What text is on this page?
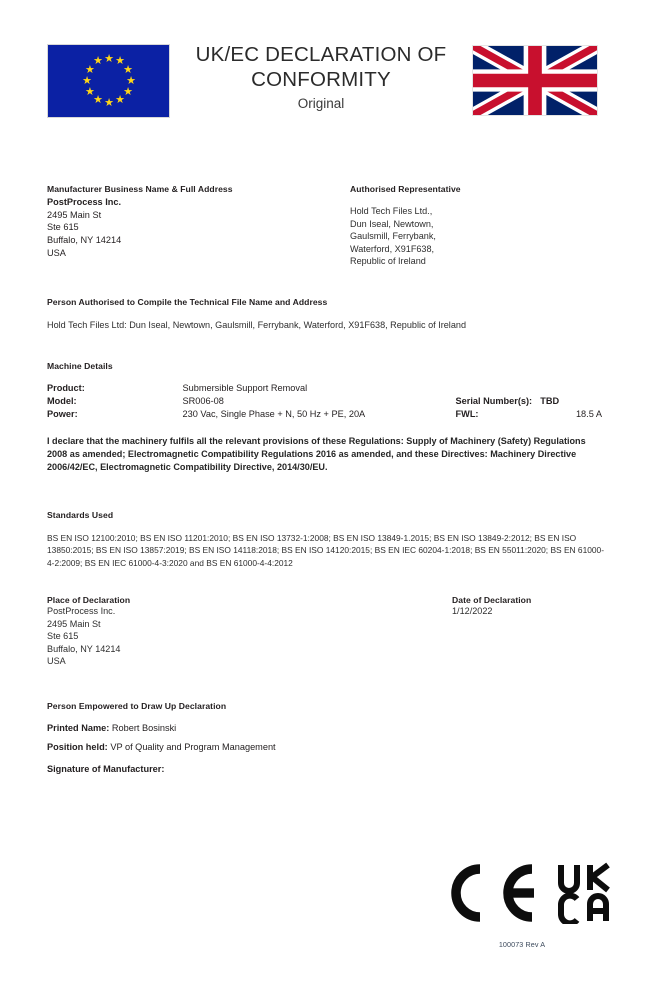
★ ★
★
★
★
★
★
★
★
★
★
★	UK/EC DECLARATION OF CONFORMITY
Original
Manufacturer Business Name & Full Address
PostProcess Inc.
2495 Main St
Ste 615
Buffalo, NY 14214
USA
Authorised Representative
Hold Tech Files Ltd.,
Dun Iseal, Newtown,
Gaulsmill, Ferrybank,
Waterford, X91F638,
Republic of Ireland
Person Authorised to Compile the Technical File Name and Address
Hold Tech Files Ltd: Dun Iseal, Newtown, Gaulsmill, Ferrybank, Waterford, X91F638, Republic of Ireland
Machine Details
Product:	Submersible Support Removal
Model:	SR006-08	Serial Number(s): TBD
Power:	230 Vac, Single Phase + N, 50 Hz + PE, 20A	FWL:	18.5 A
I declare that the machinery fulfils all the relevant provisions of these Regulations: Supply of Machinery (Safety) Regulations 2008 as amended; Electromagnetic Compatibility Regulations 2016 as amended, and these Directives: Machinery Directive 2006/42/EC, Electromagnetic Compatibility Directive, 2014/30/EU.
Standards Used
BS EN ISO 12100:2010; BS EN ISO 11201:2010; BS EN ISO 13732-1:2008; BS EN ISO 13849-1.2015; BS EN ISO 13849-2:2012; BS EN ISO 13850:2015; BS EN ISO 13857:2019; BS EN ISO 14118:2018; BS EN ISO 14120:2015; BS EN IEC 60204-1:2018; BS EN 55011:2020; BS EN 61000-4-2:2009; BS EN IEC 61000-4-3:2020 and BS EN 61000-4-4:2012
Place of Declaration
PostProcess Inc.
2495 Main St
Ste 615
Buffalo, NY 14214
USA
Date of Declaration
1/12/2022
Person Empowered to Draw Up Declaration
Printed Name: Robert Bosinski
Position held: VP of Quality and Program Management
Signature of Manufacturer:
100073 Rev A
